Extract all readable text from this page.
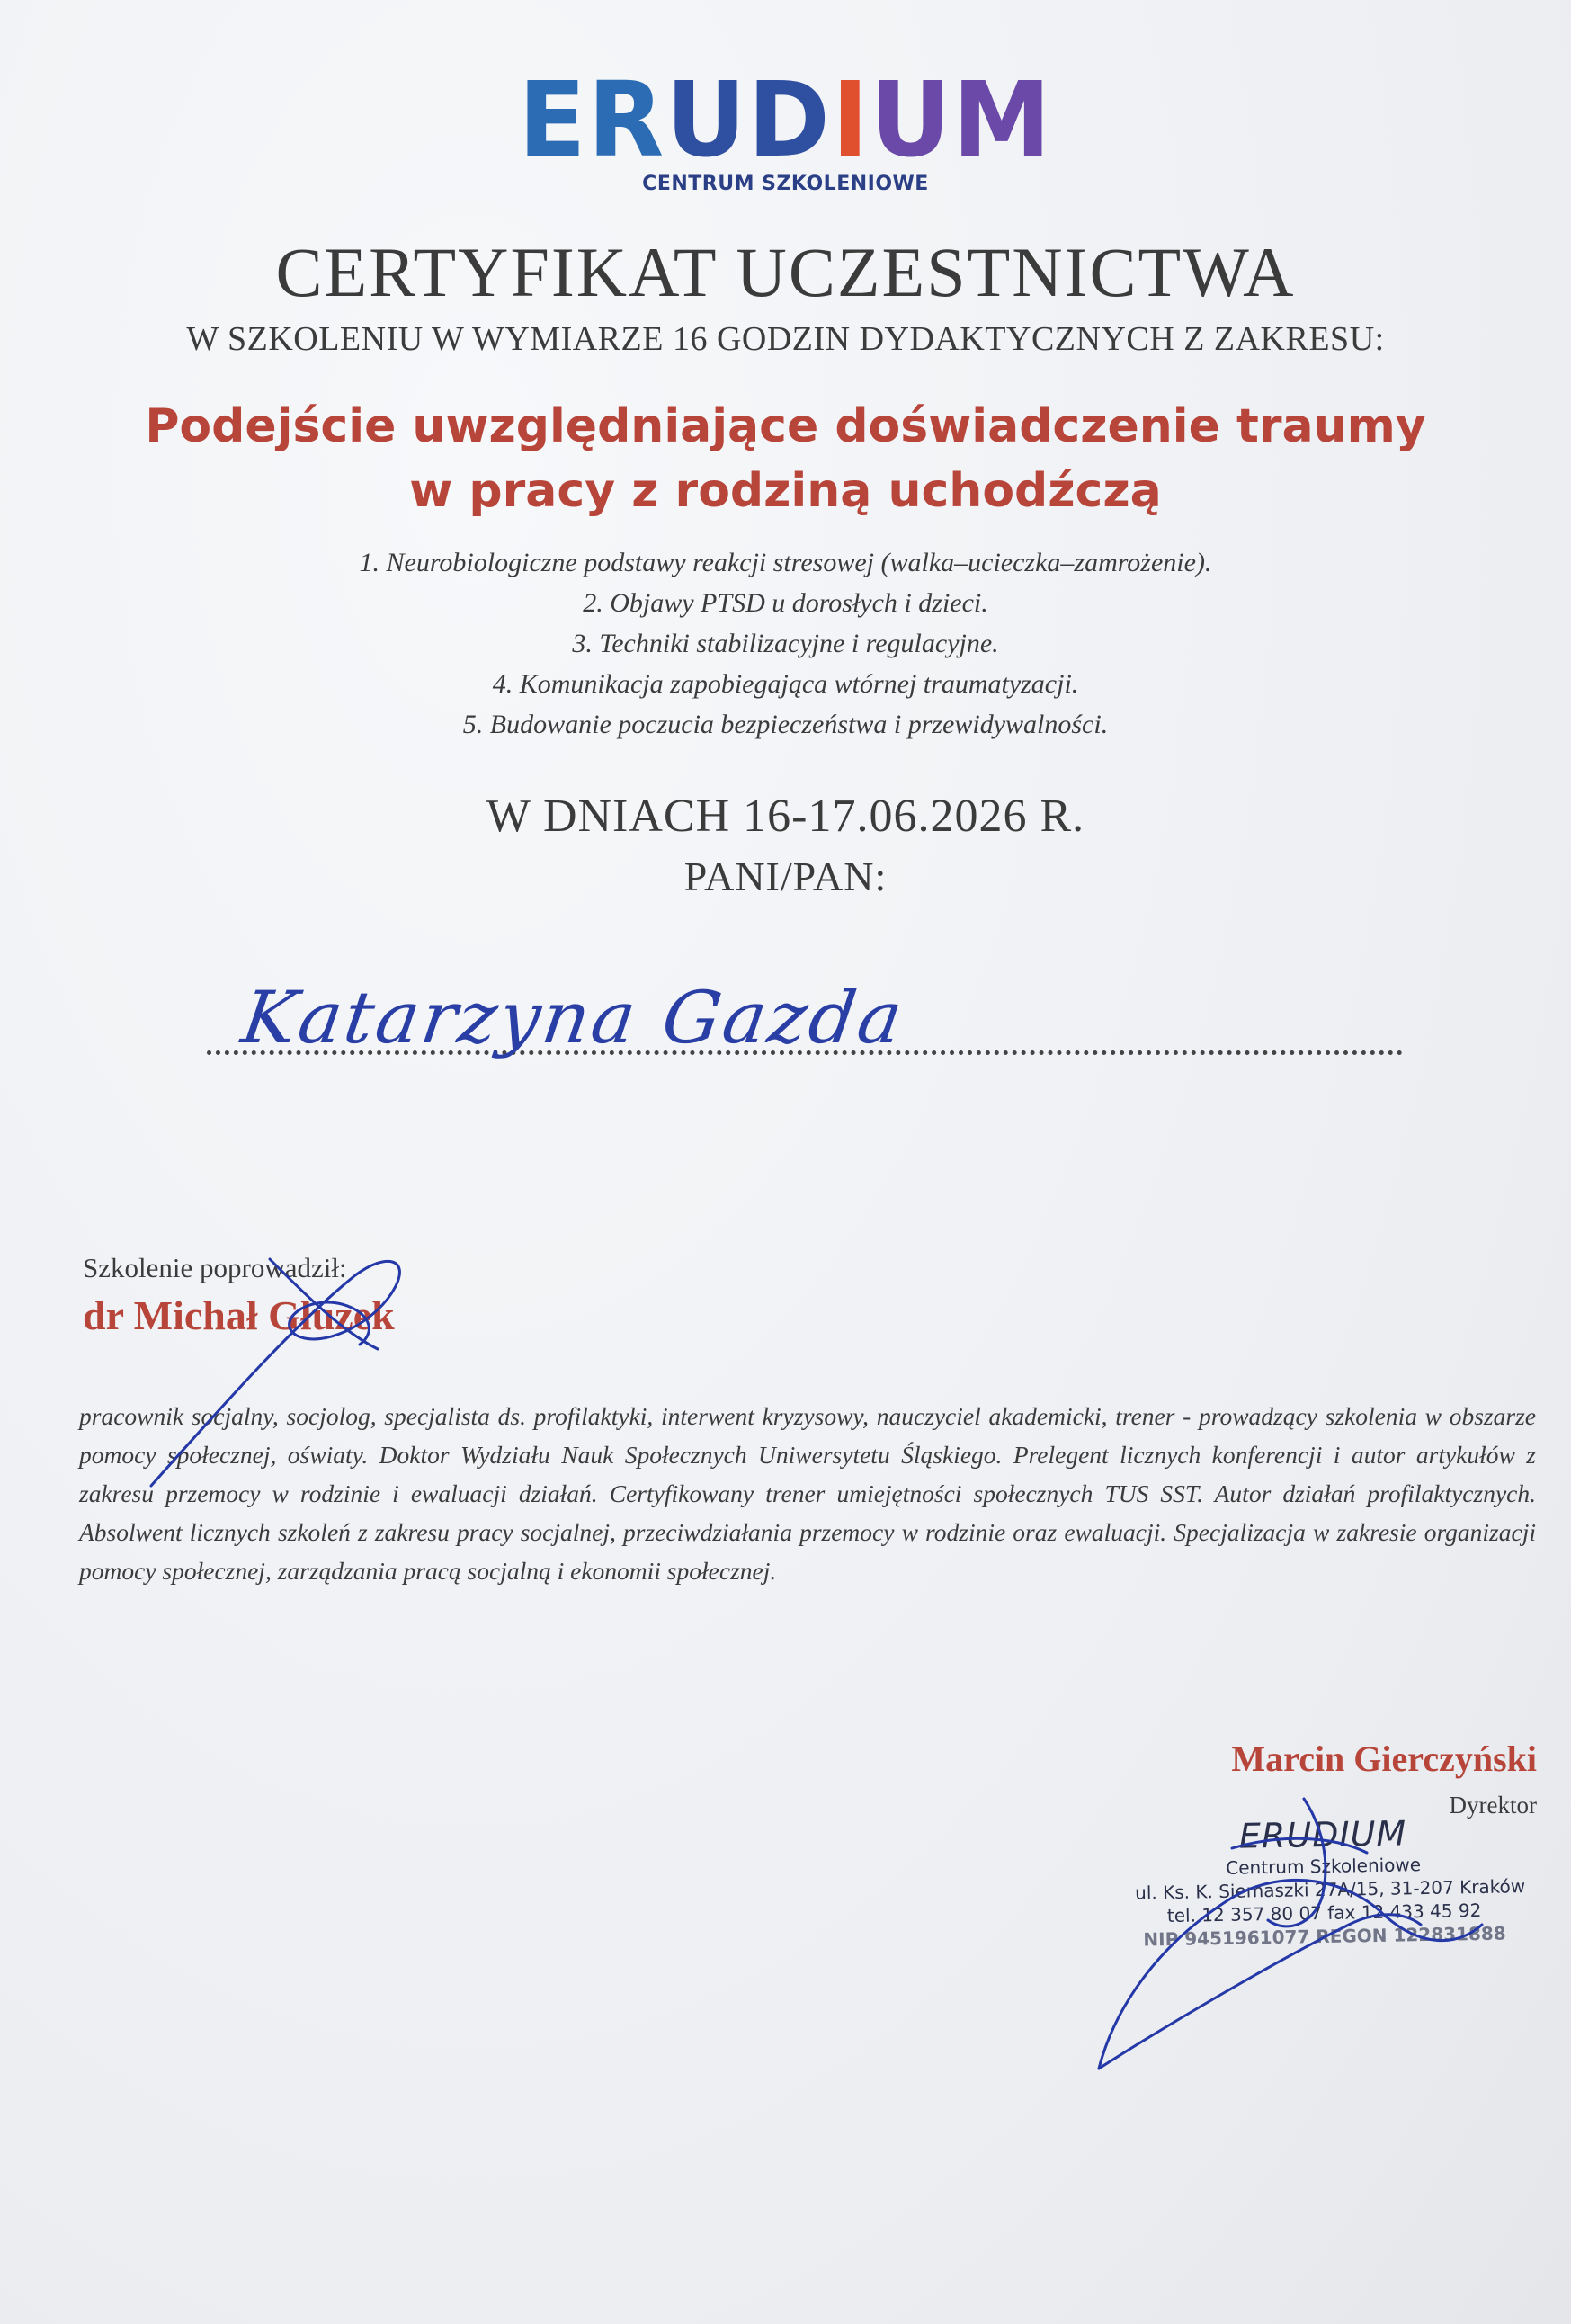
ERUDIUM
CENTRUM SZKOLENIOWE
CERTYFIKAT UCZESTNICTWA
W SZKOLENIU W WYMIARZE 16 GODZIN DYDAKTYCZNYCH Z ZAKRESU:
Podejście uwzględniające doświadczenie traumy
w pracy z rodziną uchodźczą
1. Neurobiologiczne podstawy reakcji stresowej (walka–ucieczka–zamrożenie).
2. Objawy PTSD u dorosłych i dzieci.
3. Techniki stabilizacyjne i regulacyjne.
4. Komunikacja zapobiegająca wtórnej traumatyzacji.
5. Budowanie poczucia bezpieczeństwa i przewidywalności.
W DNIACH 16-17.06.2026 R.
PANI/PAN:
Katarzyna Gazda
Szkolenie poprowadził:
dr Michał Głuzek
pracownik socjalny, socjolog, specjalista ds. profilaktyki, interwent kryzysowy, nauczyciel akademicki, trener - prowadzący szkolenia w obszarze pomocy społecznej, oświaty. Doktor Wydziału Nauk Społecznych Uniwersytetu Śląskiego. Prelegent licznych konferencji i autor artykułów z zakresu przemocy w rodzinie i ewaluacji działań. Certyfikowany trener umiejętności społecznych TUS SST. Autor działań profilaktycznych. Absolwent licznych szkoleń z zakresu pracy socjalnej, przeciwdziałania przemocy w rodzinie oraz ewaluacji. Specjalizacja w zakresie organizacji pomocy społecznej, zarządzania pracą socjalną i ekonomii społecznej.
Marcin Gierczyński
Dyrektor
ERUDIUM
Centrum Szkoleniowe
ul. Ks. K. Siemaszki 27A/15, 31-207 Kraków
tel. 12 357 80 07 fax 12 433 45 92
NIP 9451961077 REGON 122831888
